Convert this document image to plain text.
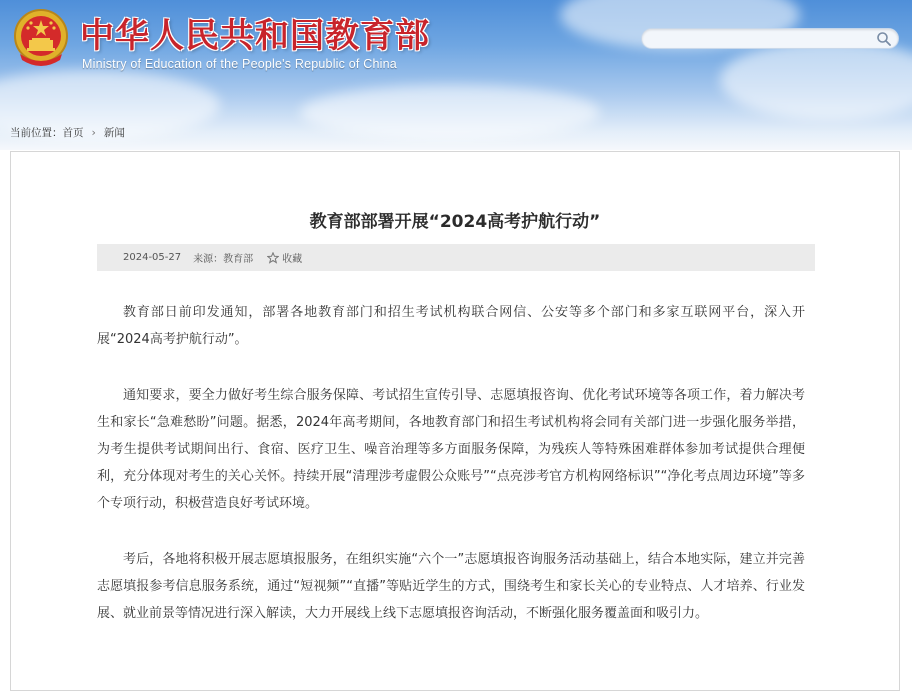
中华人民共和国教育部
Ministry of Education of the People's Republic of China
当前位置： 首页 › 新闻
教育部部署开展“2024高考护航行动”
2024-05-27 来源：教育部	收藏

教育部日前印发通知，部署各地教育部门和招生考试机构联合网信、公安等多个部门和多家互联网平台，深入开展“2024高考护航行动”。

通知要求，要全力做好考生综合服务保障、考试招生宣传引导、志愿填报咨询、优化考试环境等各项工作，着力解决考生和家长“急难愁盼”问题。据悉，2024年高考期间，各地教育部门和招生考试机构将会同有关部门进一步强化服务举措，为考生提供考试期间出行、食宿、医疗卫生、噪音治理等多方面服务保障，为残疾人等特殊困难群体参加考试提供合理便利，充分体现对考生的关心关怀。持续开展“清理涉考虚假公众账号”“点亮涉考官方机构网络标识”“净化考点周边环境”等多个专项行动，积极营造良好考试环境。

考后，各地将积极开展志愿填报服务，在组织实施“六个一”志愿填报咨询服务活动基础上，结合本地实际，建立并完善志愿填报参考信息服务系统，通过“短视频”“直播”等贴近学生的方式，围绕考生和家长关心的专业特点、人才培养、行业发展、就业前景等情况进行深入解读，大力开展线上线下志愿填报咨询活动，不断强化服务覆盖面和吸引力。
